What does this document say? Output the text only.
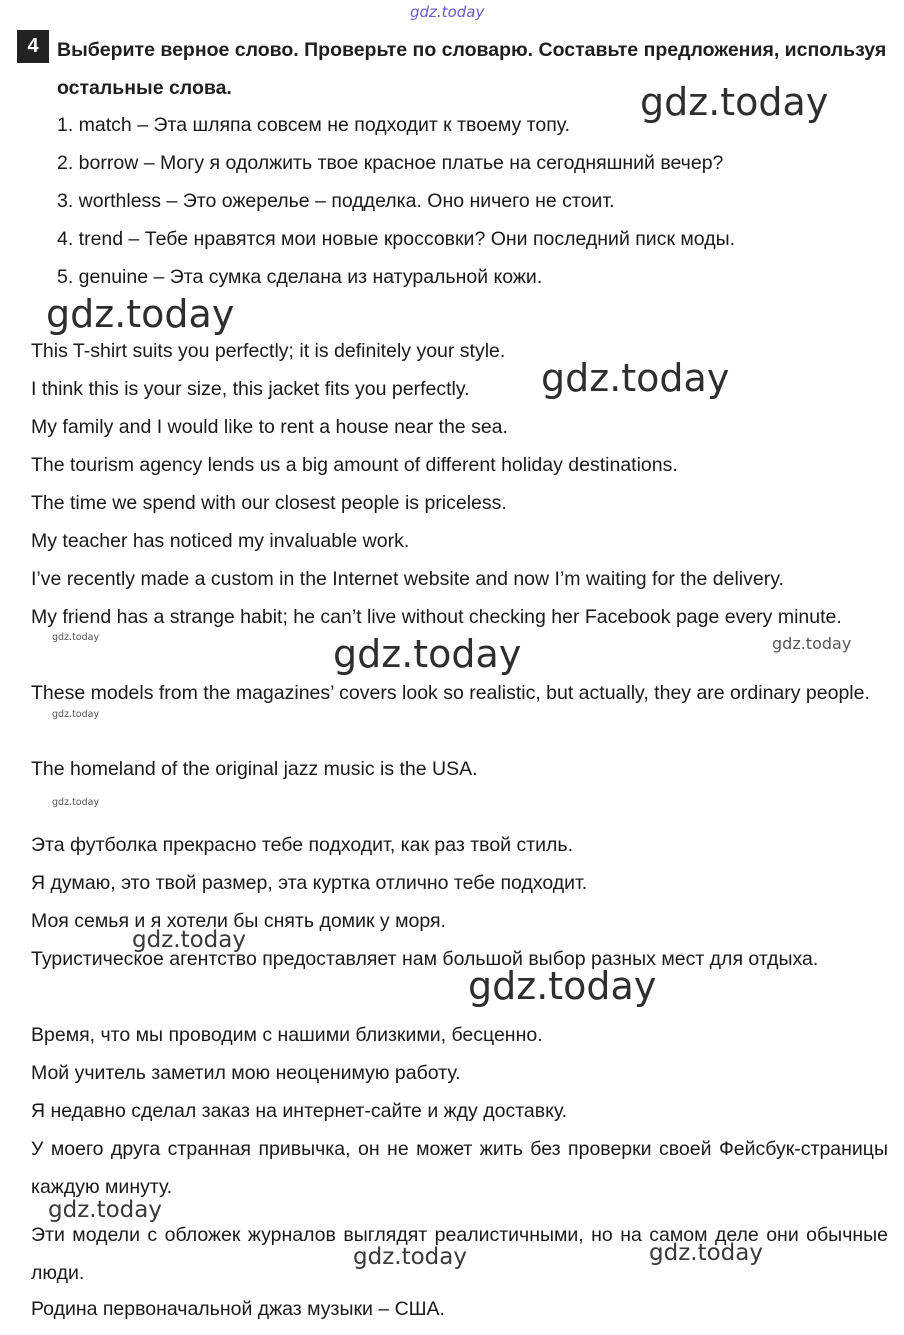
gdz.today
4 Выберите верное слово. Проверьте по словарю. Составьте предложения, используя остальные слова.
1. match – Эта шляпа совсем не подходит к твоему топу.
2. borrow – Могу я одолжить твое красное платье на сегодняшний вечер?
3. worthless – Это ожерелье – подделка. Оно ничего не стоит.
4. trend – Тебе нравятся мои новые кроссовки? Они последний писк моды.
5. genuine – Эта сумка сделана из натуральной кожи.
This T-shirt suits you perfectly; it is definitely your style.
I think this is your size, this jacket fits you perfectly.
My family and I would like to rent a house near the sea.
The tourism agency lends us a big amount of different holiday destinations.
The time we spend with our closest people is priceless.
My teacher has noticed my invaluable work.
I’ve recently made a custom in the Internet website and now I’m waiting for the delivery.
My friend has a strange habit; he can’t live without checking her Facebook page every minute.
These models from the magazines’ covers look so realistic, but actually, they are ordinary people.
The homeland of the original jazz music is the USA.
Эта футболка прекрасно тебе подходит, как раз твой стиль.
Я думаю, это твой размер, эта куртка отлично тебе подходит.
Моя семья и я хотели бы снять домик у моря.
Туристическое агентство предоставляет нам большой выбор разных мест для отдыха.
Время, что мы проводим с нашими близкими, бесценно.
Мой учитель заметил мою неоценимую работу.
Я недавно сделал заказ на интернет-сайте и жду доставку.
У моего друга странная привычка, он не может жить без проверки своей Фейсбук-страницы каждую минуту.
Эти модели с обложек журналов выглядят реалистичными, но на самом деле они обычные люди.
Родина первоначальной джаз музыки – США.
gdz.today
gdz.today
gdz.today
gdz.today	gdz.today
gdz.today
gdz.today
gdz.today
gdz.today
gdz.today
gdz.today
gdz.today	gdz.today
